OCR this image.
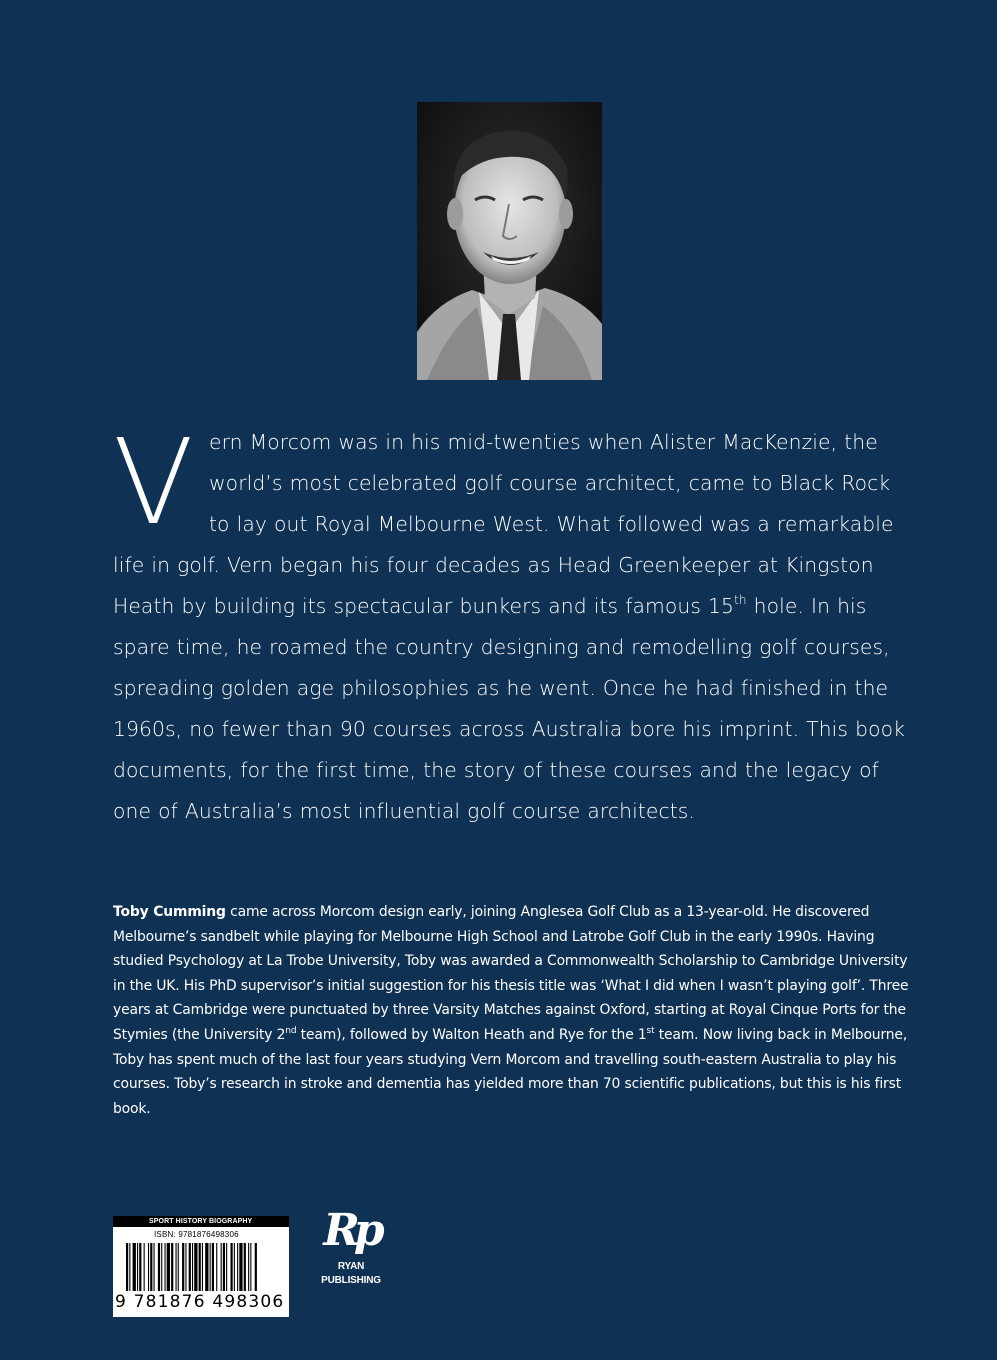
Vern Morcom was in his mid-twenties when Alister MacKenzie, the world’s most celebrated golf course architect, came to Black Rock to lay out Royal Melbourne West. What followed was a remarkable life in golf. Vern began his four decades as Head Greenkeeper at Kingston Heath by building its spectacular bunkers and its famous 15th hole. In his spare time, he roamed the country designing and remodelling golf courses, spreading golden age philosophies as he went. Once he had finished in the 1960s, no fewer than 90 courses across Australia bore his imprint. This book documents, for the first time, the story of these courses and the legacy of one of Australia’s most influential golf course architects.
Toby Cumming came across Morcom design early, joining Anglesea Golf Club as a 13-year-old. He discovered Melbourne’s sandbelt while playing for Melbourne High School and Latrobe Golf Club in the early 1990s. Having studied Psychology at La Trobe University, Toby was awarded a Commonwealth Scholarship to Cambridge University in the UK. His PhD supervisor’s initial suggestion for his thesis title was ‘What I did when I wasn’t playing golf’. Three years at Cambridge were punctuated by three Varsity Matches against Oxford, starting at Royal Cinque Ports for the Stymies (the University 2nd team), followed by Walton Heath and Rye for the 1st team. Now living back in Melbourne, Toby has spent much of the last four years studying Vern Morcom and travelling south-eastern Australia to play his courses. Toby’s research in stroke and dementia has yielded more than 70 scientific publications, but this is his first book.
SPORT HISTORY BIOGRAPHY
ISBN: 9781876498306
9 781876 498306
Rp
RYAN
PUBLISHING
